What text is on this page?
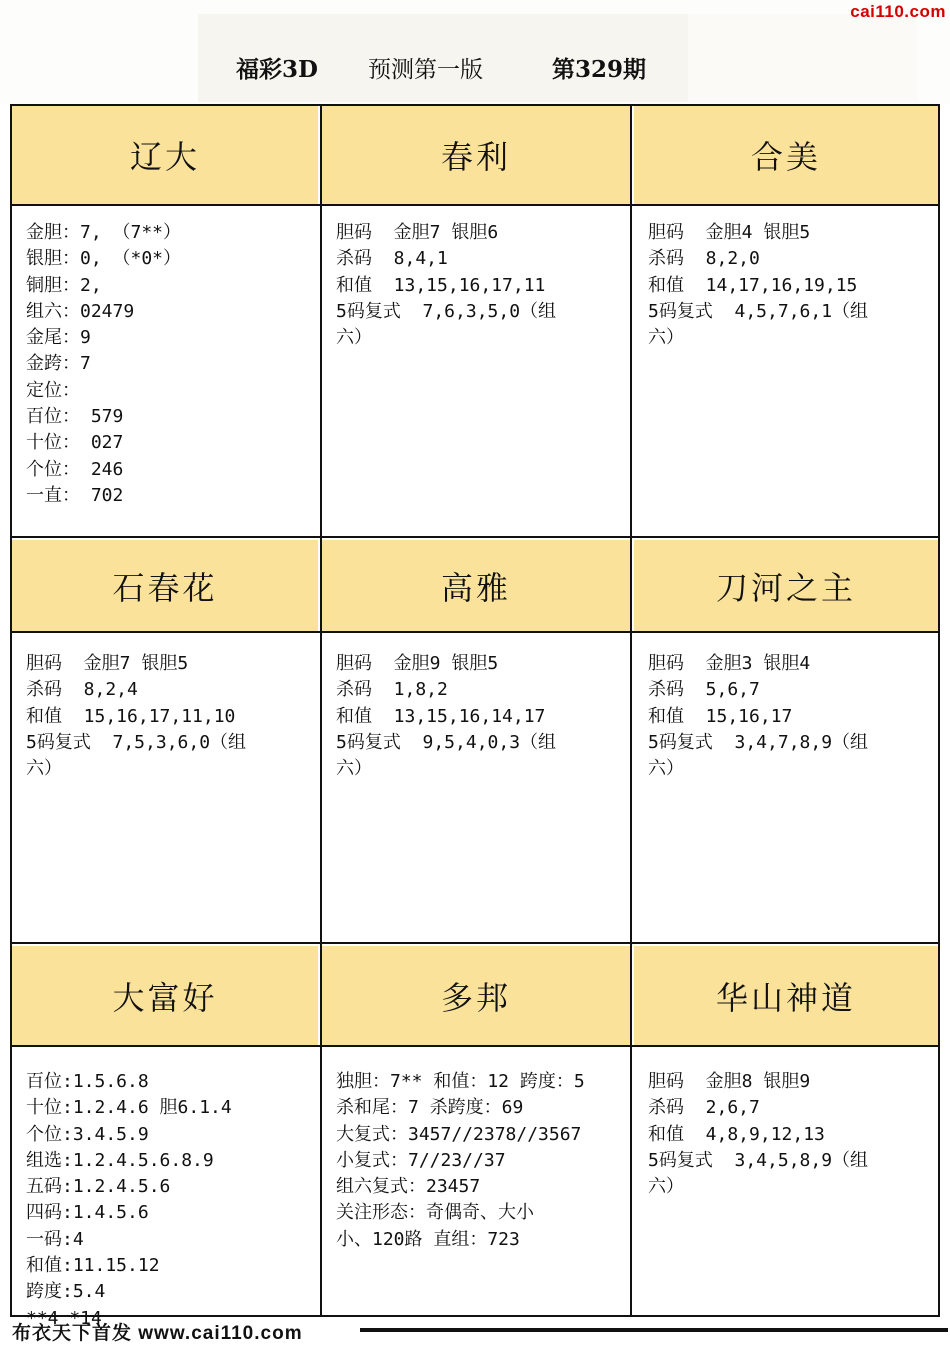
cai110.com
福彩3D 预测第一版	第329期
辽大
金胆：7, （7**）
银胆：0, （*0*）
铜胆：2,
组六：02479
金尾：9
金跨：7
定位：
百位： 579
十位： 027
个位： 246
一直： 702
春利
胆码  金胆7 银胆6
杀码  8,4,1
和值  13,15,16,17,11
5码复式  7,6,3,5,0（组
六）
合美
胆码  金胆4 银胆5
杀码  8,2,0
和值  14,17,16,19,15
5码复式  4,5,7,6,1（组
六）
石春花
胆码  金胆7 银胆5
杀码  8,2,4
和值  15,16,17,11,10
5码复式  7,5,3,6,0（组
六）
高雅
胆码  金胆9 银胆5
杀码  1,8,2
和值  13,15,16,14,17
5码复式  9,5,4,0,3（组
六）
刀河之主
胆码  金胆3 银胆4
杀码  5,6,7
和值  15,16,17
5码复式  3,4,7,8,9（组
六）
大富好
百位:1.5.6.8
十位:1.2.4.6 胆6.1.4
个位:3.4.5.9
组选:1.2.4.5.6.8.9
五码:1.2.4.5.6
四码:1.4.5.6
一码:4
和值:11.15.12
跨度:5.4
**4 *14
多邦
独胆：7** 和值：12 跨度：5
杀和尾：7 杀跨度：69
大复式：3457//2378//3567
小复式：7//23//37
组六复式：23457
关注形态：奇偶奇、大小
小、120路 直组：723
华山神道
胆码  金胆8 银胆9
杀码  2,6,7
和值  4,8,9,12,13
5码复式  3,4,5,8,9（组
六）
布衣天下首发 www.cai110.com
